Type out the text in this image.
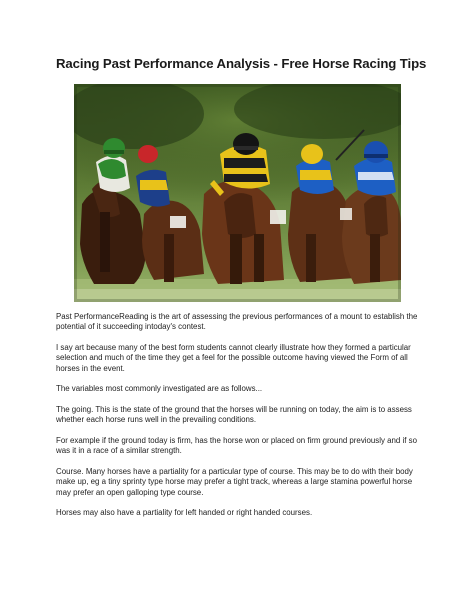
Racing Past Performance Analysis - Free Horse Racing Tips

Past PerformanceReading is the art of assessing the previous performances of a mount to establish the potential of it succeeding intoday's contest.

I say art because many of the best form students cannot clearly illustrate how they formed a particular selection and much of the time they get a feel for the possible outcome having viewed the Form of all horses in the event.

The variables most commonly investigated are as follows...

The going. This is the state of the ground that the horses will be running on today, the aim is to assess whether each horse runs well in the prevailing conditions.

For example if the ground today is firm, has the horse won or placed on firm ground previously and if so was it in a race of a similar strength.

Course. Many horses have a partiality for a particular type of course. This may be to do with their body make up, eg a tiny sprinty type horse may prefer a tight track, whereas a large stamina powerful horse may prefer an open galloping type course.

Horses may also have a partiality for left handed or right handed courses.
